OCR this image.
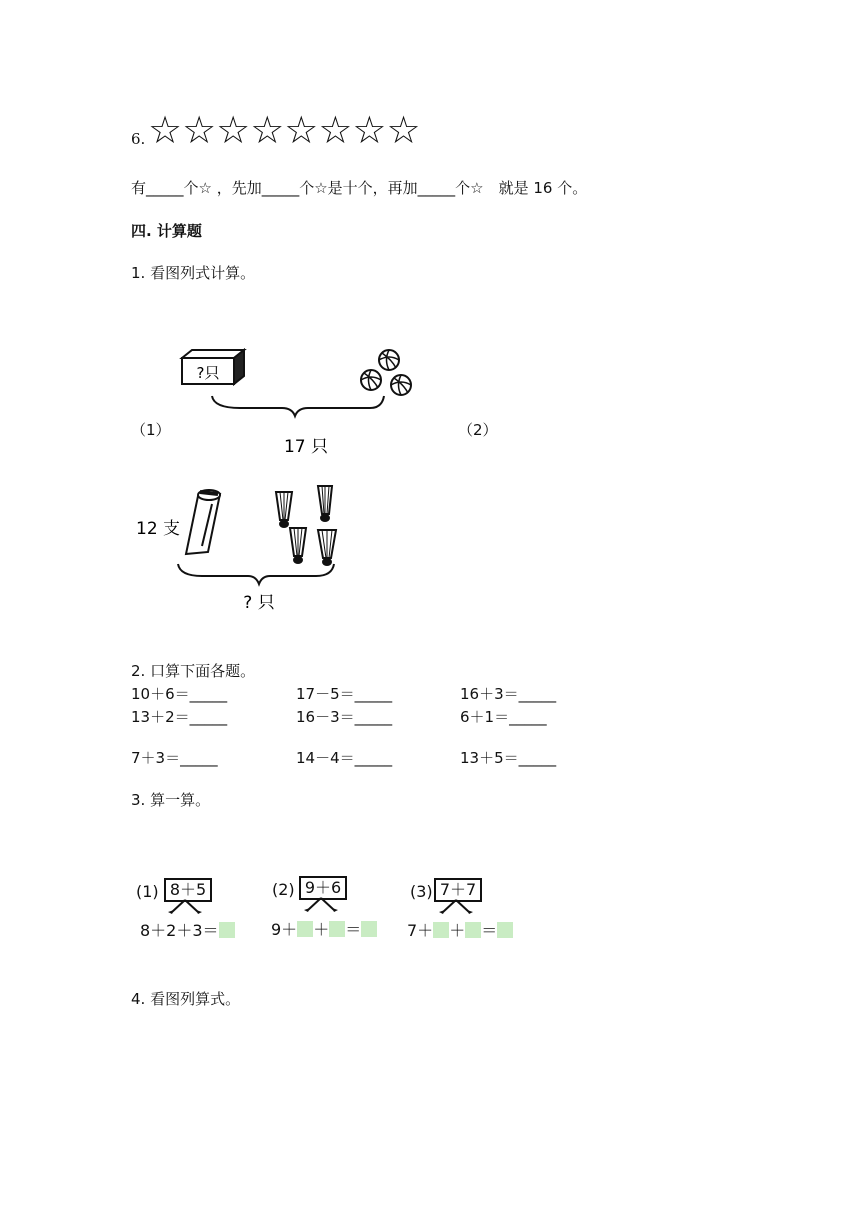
6. ☆☆☆☆☆☆☆☆
有_____个☆ ，先加_____个☆是十个，再加_____个☆　就是 16 个。
四. 计算题
1. 看图列式计算。
（1）	（2）
?只
17 只
12 支
? 只
2. 口算下面各题。
10＋6＝_____	17－5＝_____	16＋3＝_____
13＋2＝_____	16－3＝_____	6＋1＝_____
7＋3＝_____	14－4＝_____	13＋5＝_____
3. 算一算。
(1) 8＋5
8＋2＋3＝
(2) 9＋6
9＋ ＋ ＝
(3) 7＋7
7＋ ＋ ＝
4. 看图列算式。
